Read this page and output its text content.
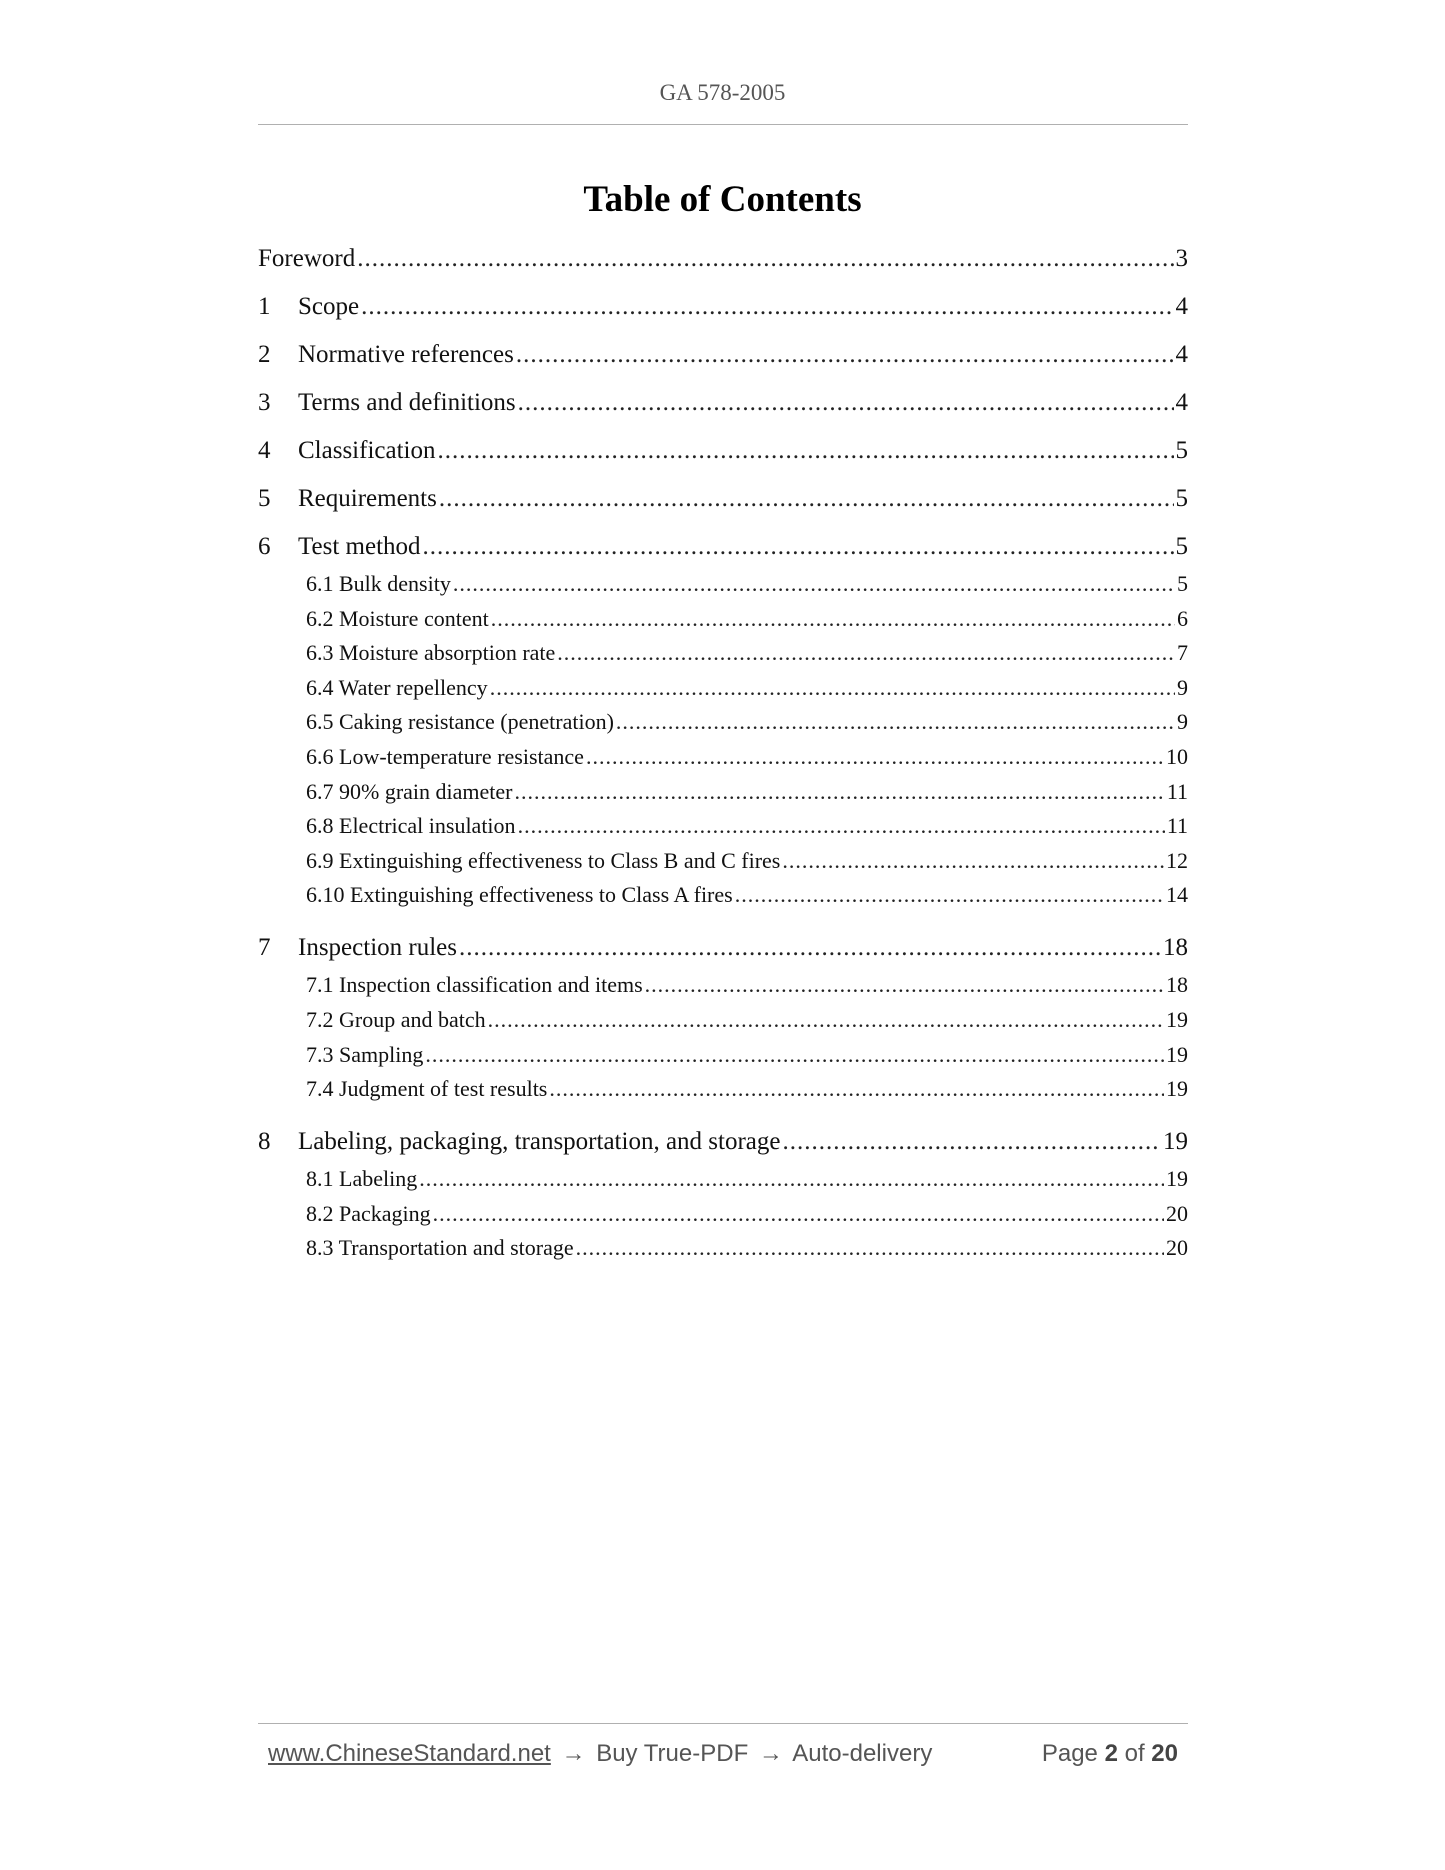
GA 578-2005
Table of Contents
Foreword .....	3
1	Scope .....	4
2	Normative references .....	4
3	Terms and definitions .....	4
4	Classification .....	5
5	Requirements .....	5
6	Test method .....	5
6.1 Bulk density .....	5
6.2 Moisture content .....	6
6.3 Moisture absorption rate .....	7
6.4 Water repellency .....	9
6.5 Caking resistance (penetration) .....	9
6.6 Low-temperature resistance .....	10
6.7 90% grain diameter .....	11
6.8 Electrical insulation .....	11
6.9 Extinguishing effectiveness to Class B and C fires .....	12
6.10 Extinguishing effectiveness to Class A fires .....	14
7	Inspection rules .....	18
7.1 Inspection classification and items .....	18
7.2 Group and batch .....	19
7.3 Sampling .....	19
7.4 Judgment of test results .....	19
8	Labeling, packaging, transportation, and storage .....	19
8.1 Labeling .....	19
8.2 Packaging .....	20
8.3 Transportation and storage .....	20
www.ChineseStandard.net → Buy True-PDF → Auto-delivery	Page 2 of 20
